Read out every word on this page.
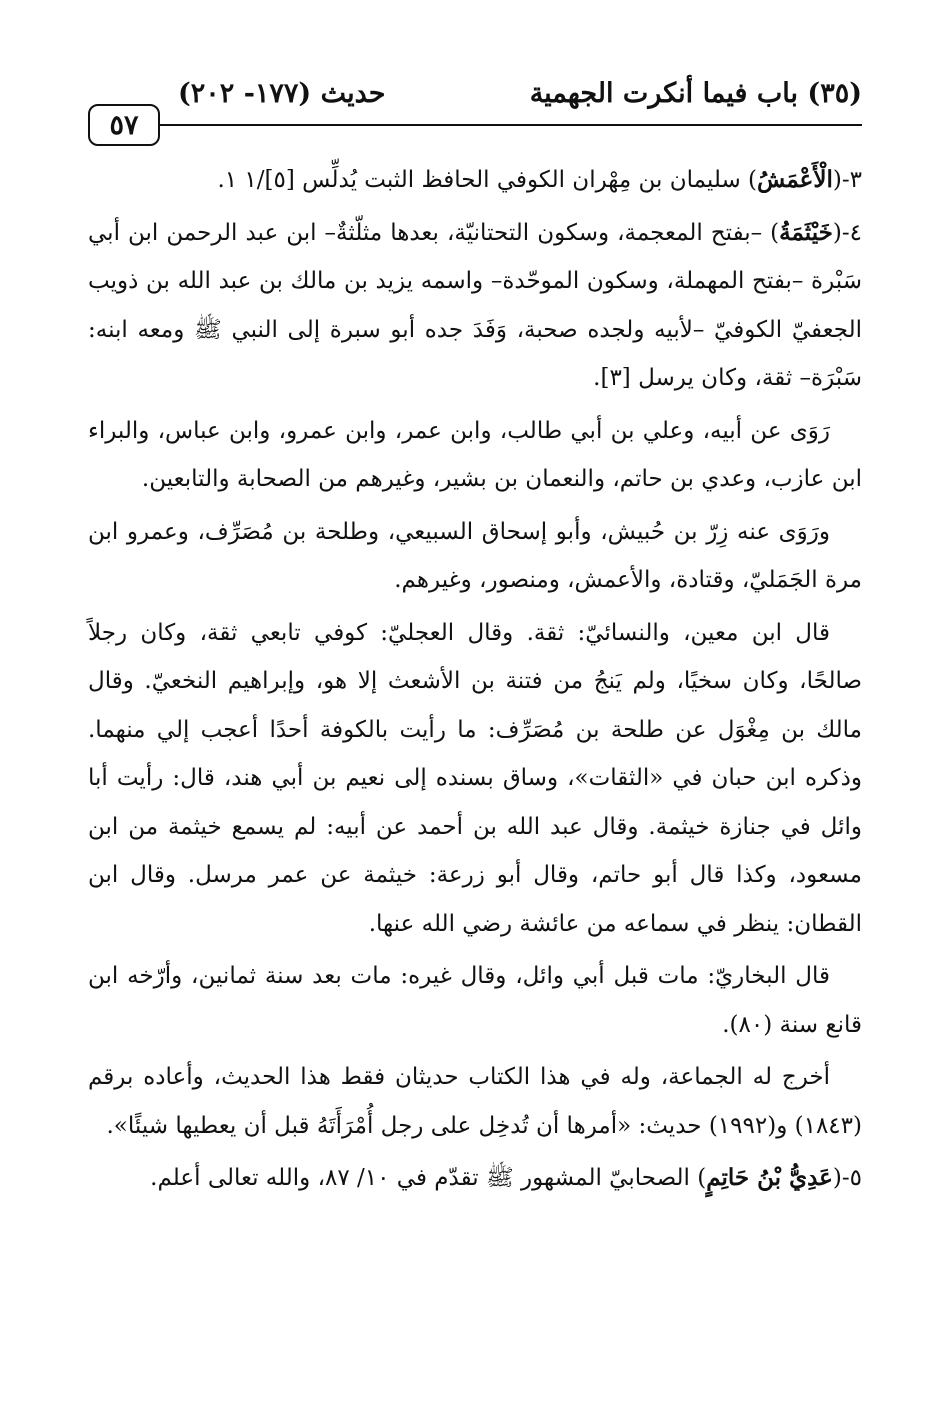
٥٧
حديث (١٧٧- ٢٠٢)	(٣٥) باب فيما أنكرت الجهمية

٣-(الْأَعْمَشُ) سليمان بن مِهْران الكوفي الحافظ الثبت يُدلِّس [٥]/١ ١.

٤-(خَيْثَمَةُ) –بفتح المعجمة، وسكون التحتانيّة، بعدها مثلّثةٌ– ابن عبد الرحمن ابن أبي سَبْرة –بفتح المهملة، وسكون الموحّدة– واسمه يزيد بن مالك بن عبد الله بن ذويب الجعفيّ الكوفيّ –لأبيه ولجده صحبة، وَفَدَ جده أبو سبرة إلى النبي ﷺ ومعه ابنه: سَبْرَة– ثقة، وكان يرسل [٣].

رَوَى عن أبيه، وعلي بن أبي طالب، وابن عمر، وابن عمرو، وابن عباس، والبراء ابن عازب، وعدي بن حاتم، والنعمان بن بشير، وغيرهم من الصحابة والتابعين.

ورَوَى عنه زِرّ بن حُبيش، وأبو إسحاق السبيعي، وطلحة بن مُصَرِّف، وعمرو ابن مرة الجَمَليّ، وقتادة، والأعمش، ومنصور، وغيرهم.

قال ابن معين، والنسائيّ: ثقة. وقال العجليّ: كوفي تابعي ثقة، وكان رجلاً صالحًا، وكان سخيًا، ولم يَنجُ من فتنة بن الأشعث إلا هو، وإبراهيم النخعيّ. وقال مالك بن مِغْوَل عن طلحة بن مُصَرِّف: ما رأيت بالكوفة أحدًا أعجب إلي منهما. وذكره ابن حبان في «الثقات»، وساق بسنده إلى نعيم بن أبي هند، قال: رأيت أبا وائل في جنازة خيثمة. وقال عبد الله بن أحمد عن أبيه: لم يسمع خيثمة من ابن مسعود، وكذا قال أبو حاتم، وقال أبو زرعة: خيثمة عن عمر مرسل. وقال ابن القطان: ينظر في سماعه من عائشة رضي الله عنها.

قال البخاريّ: مات قبل أبي وائل، وقال غيره: مات بعد سنة ثمانين، وأرّخه ابن قانع سنة (٨٠).

أخرج له الجماعة، وله في هذا الكتاب حديثان فقط هذا الحديث، وأعاده برقم (١٨٤٣) و(١٩٩٢) حديث: «أمرها أن تُدخِل على رجل أُمْرَأَتَهُ قبل أن يعطيها شيئًا».

٥-(عَدِيُّ بْنُ حَاتِمٍ) الصحابيّ المشهور ﷺ تقدّم في ١٠/ ٨٧، والله تعالى أعلم.
